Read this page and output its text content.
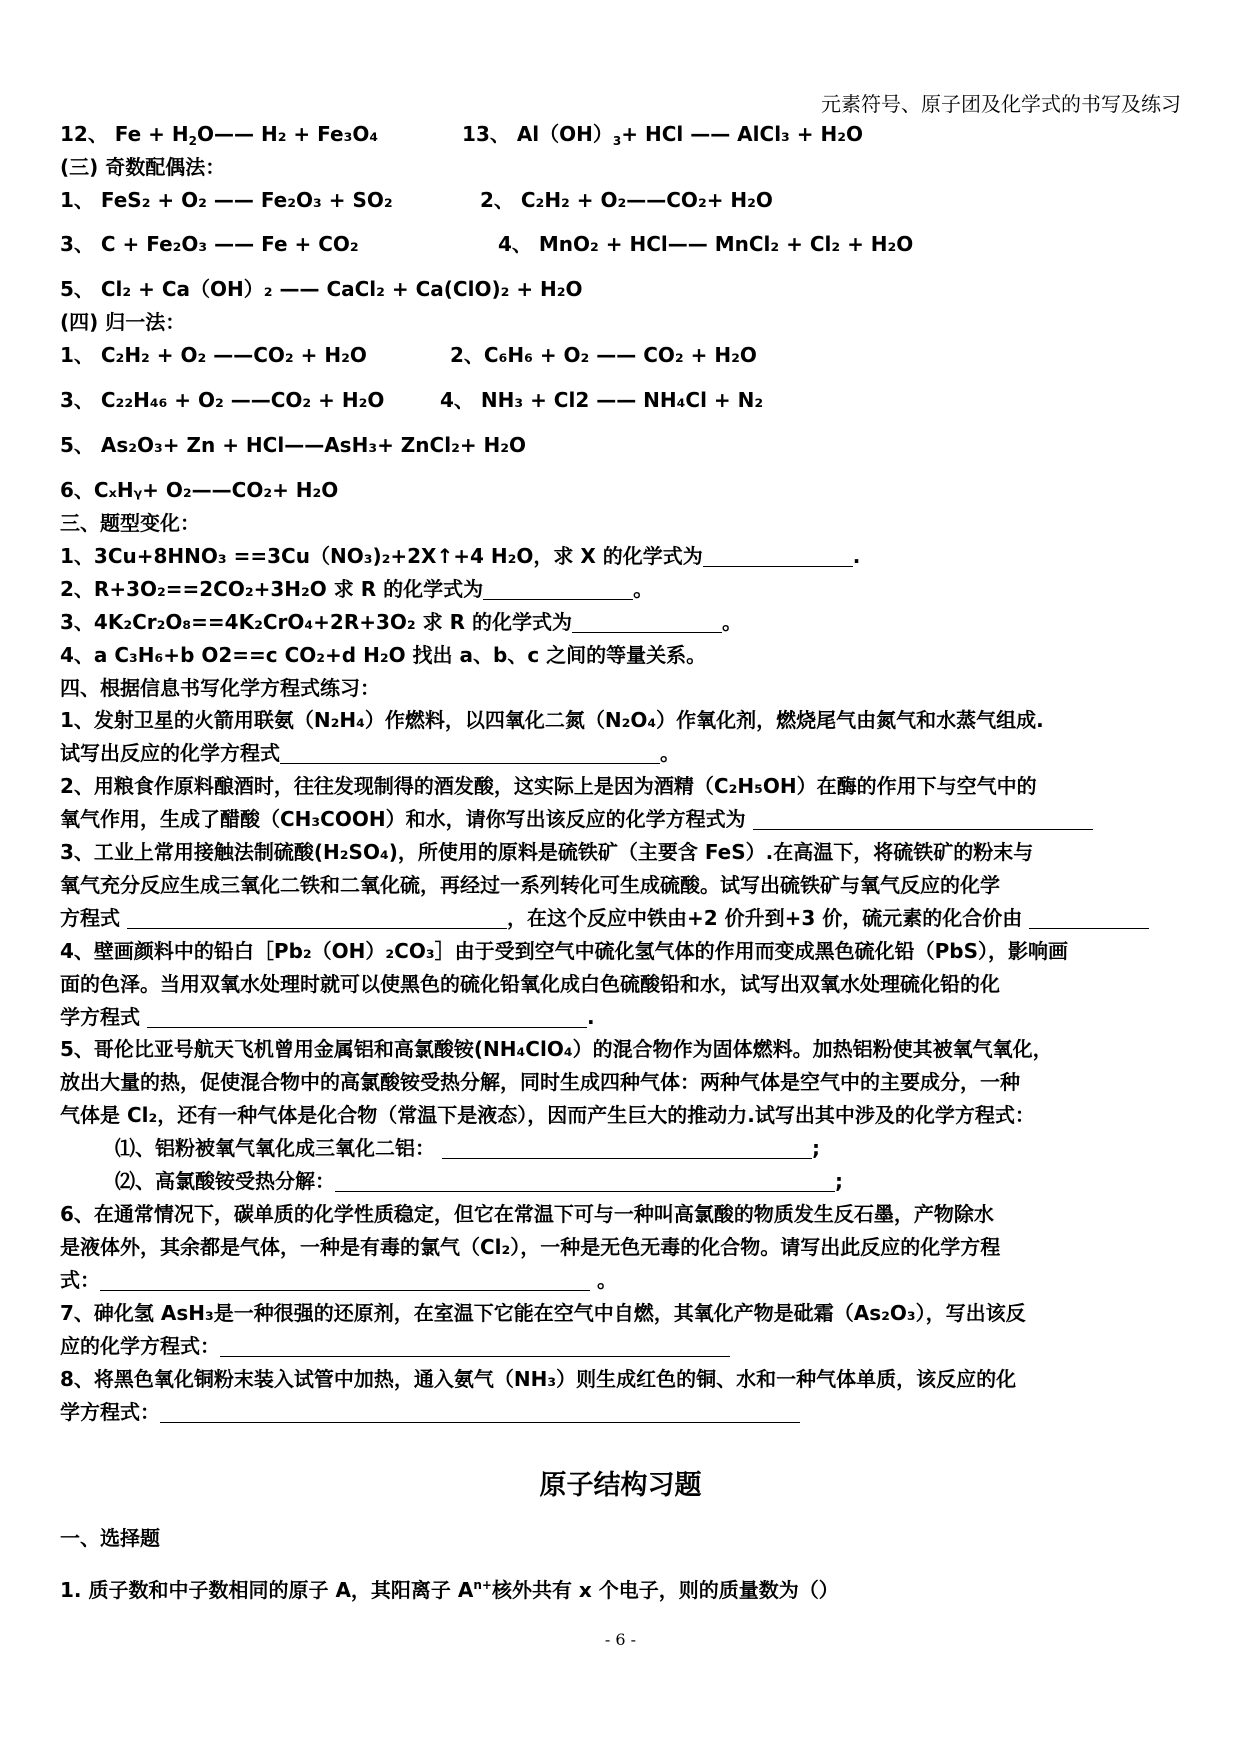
元素符号、原子团及化学式的书写及练习
12、 $Fe + H_2O——$ H₂ + Fe₃O₄	13、 $Al(OH)_3+$ HCl —— AlCl₃ + H₂O
(三) 奇数配偶法：
1、 FeS₂ + O₂ —— Fe₂O₃ + SO₂	2、 C₂H₂ + O₂——CO₂+ H₂O
3、 C + Fe₂O₃ —— Fe + CO₂	4、 MnO₂ + HCl—— MnCl₂ + Cl₂ + H₂O
5、 Cl₂ + Ca（OH）₂ —— CaCl₂ + Ca(ClO)₂ + H₂O
(四) 归一法：
1、 C₂H₂ + O₂ ——CO₂ + H₂O	2、C₆H₆ + O₂ —— CO₂ + H₂O
3、 C₂₂H₄₆ + O₂ ——CO₂ + H₂O	4、 NH₃ + Cl2 —— NH₄Cl + N₂
5、 As₂O₃+ Zn + HCl——AsH₃+ ZnCl₂+ H₂O
6、CₓHᵧ+ O₂——CO₂+ H₂O
三、题型变化：
1、3Cu+8HNO₃ ==3Cu（NO₃)₂+2X↑+4 H₂O，求 X 的化学式为	.
2、R+3O₂==2CO₂+3H₂O 求 R 的化学式为	。
3、4K₂Cr₂O₈==4K₂CrO₄+2R+3O₂ 求 R 的化学式为	。
4、a C₃H₆+b O2==c CO₂+d H₂O 找出 a、b、c 之间的等量关系。
四、根据信息书写化学方程式练习：
1、发射卫星的火箭用联氨（N₂H₄）作燃料，以四氧化二氮（N₂O₄）作氧化剂，燃烧尾气由氮气和水蒸气组成.
试写出反应的化学方程式	。
2、用粮食作原料酿酒时，往往发现制得的酒发酸，这实际上是因为酒精（C₂H₅OH）在酶的作用下与空气中的
氧气作用，生成了醋酸（CH₃COOH）和水，请你写出该反应的化学方程式为
3、工业上常用接触法制硫酸(H₂SO₄)，所使用的原料是硫铁矿（主要含 FeS）.在高温下，将硫铁矿的粉末与
氧气充分反应生成三氧化二铁和二氧化硫，再经过一系列转化可生成硫酸。试写出硫铁矿与氧气反应的化学
方程式	，在这个反应中铁由+2 价升到+3 价，硫元素的化合价由
4、壁画颜料中的铅白［Pb₂（OH）₂CO₃］由于受到空气中硫化氢气体的作用而变成黑色硫化铅（PbS），影响画
面的色泽。当用双氧水处理时就可以使黑色的硫化铅氧化成白色硫酸铅和水，试写出双氧水处理硫化铅的化
学方程式	.
5、哥伦比亚号航天飞机曾用金属铝和高氯酸铵(NH₄ClO₄）的混合物作为固体燃料。加热铝粉使其被氧气氧化，
放出大量的热，促使混合物中的高氯酸铵受热分解，同时生成四种气体：两种气体是空气中的主要成分，一种
气体是 Cl₂，还有一种气体是化合物（常温下是液态），因而产生巨大的推动力.试写出其中涉及的化学方程式：
⑴、铝粉被氧气氧化成三氧化二铝：	;
⑵、高氯酸铵受热分解：	;
6、在通常情况下，碳单质的化学性质稳定，但它在常温下可与一种叫高氯酸的物质发生反石墨，产物除水
是液体外，其余都是气体，一种是有毒的氯气（Cl₂），一种是无色无毒的化合物。请写出此反应的化学方程
式：	。
7、砷化氢 AsH₃是一种很强的还原剂，在室温下它能在空气中自燃，其氧化产物是砒霜（As₂O₃），写出该反
应的化学方程式：
8、将黑色氧化铜粉末装入试管中加热，通入氨气（NH₃）则生成红色的铜、水和一种气体单质，该反应的化
学方程式：
原子结构习题
一、选择题
1. 质子数和中子数相同的原子 A，其阳离子 $A^{n+}$核外共有 x 个电子，则的质量数为（）
- 6 -
